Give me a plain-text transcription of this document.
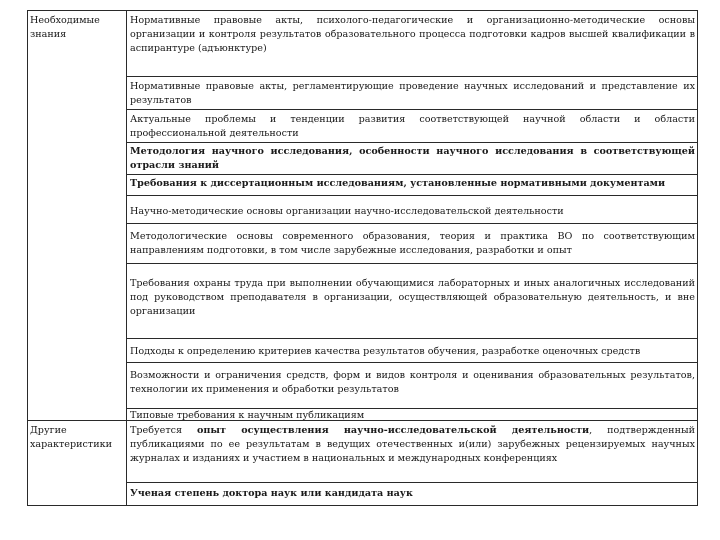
Необходимые знания
Другие характеристики
Нормативные правовые акты, психолого-педагогические и организационно-методические основы организации и контроля результатов образовательного процесса подготовки кадров высшей квалификации в аспирантуре (адъюнктуре)
Нормативные правовые акты, регламентирующие проведение научных исследований и представление их результатов
Актуальные проблемы и тенденции развития соответствующей научной области и области профессиональной деятельности
Методология научного исследования, особенности научного исследования в соответствующей отрасли знаний
Требования к диссертационным исследованиям, установленные нормативными документами
Научно-методические основы организации научно-исследовательской деятельности
Методологические основы современного образования, теория и практика ВО по соответствующим направлениям подготовки, в том числе зарубежные исследования, разработки и опыт
Требования охраны труда при выполнении обучающимися лабораторных и иных аналогичных исследований под руководством преподавателя в организации, осуществляющей образовательную деятельность, и вне организации
Подходы к определению критериев качества результатов обучения, разработке оценочных средств
Возможности и ограничения средств, форм и видов контроля и оценивания образовательных результатов, технологии их применения и обработки результатов
Типовые требования к научным публикациям
Требуется опыт осуществления научно-исследовательской деятельности, подтвержденный публикациями по ее результатам в ведущих отечественных и(или) зарубежных рецензируемых научных журналах и изданиях и участием в национальных и международных конференциях
Ученая степень доктора наук или кандидата наук
